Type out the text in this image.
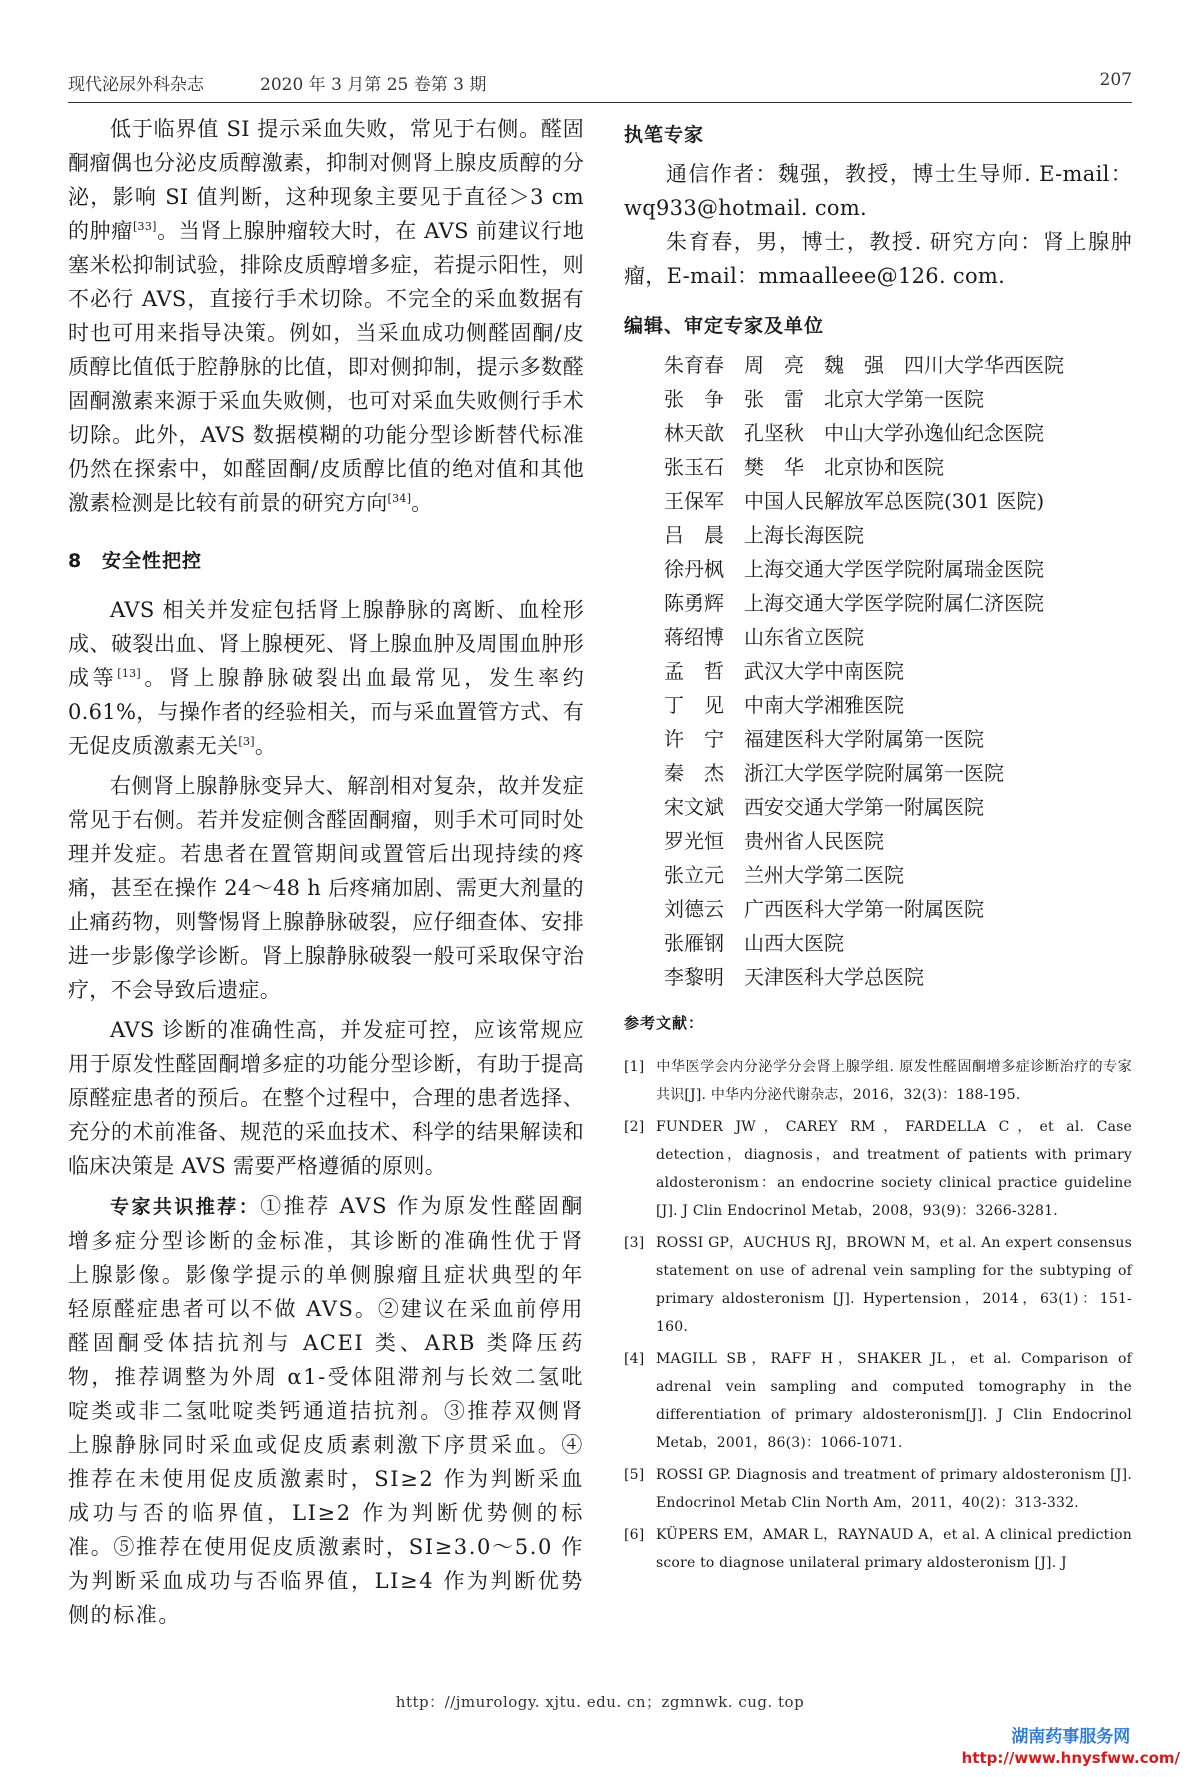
现代泌尿外科杂志	2020 年 3 月第 25 卷第 3 期	207

低于临界值 SI 提示采血失败，常见于右侧。醛固酮瘤偶也分泌皮质醇激素，抑制对侧肾上腺皮质醇的分泌，影响 SI 值判断，这种现象主要见于直径＞3 cm 的肿瘤[33]。当肾上腺肿瘤较大时，在 AVS 前建议行地塞米松抑制试验，排除皮质醇增多症，若提示阳性，则不必行 AVS，直接行手术切除。不完全的采血数据有时也可用来指导决策。例如，当采血成功侧醛固酮/皮质醇比值低于腔静脉的比值，即对侧抑制，提示多数醛固酮激素来源于采血失败侧，也可对采血失败侧行手术切除。此外，AVS 数据模糊的功能分型诊断替代标准仍然在探索中，如醛固酮/皮质醇比值的绝对值和其他激素检测是比较有前景的研究方向[34]。

8 安全性把控

AVS 相关并发症包括肾上腺静脉的离断、血栓形成、破裂出血、肾上腺梗死、肾上腺血肿及周围血肿形成等[13]。肾上腺静脉破裂出血最常见，发生率约 0.61%，与操作者的经验相关，而与采血置管方式、有无促皮质激素无关[3]。

右侧肾上腺静脉变异大、解剖相对复杂，故并发症常见于右侧。若并发症侧含醛固酮瘤，则手术可同时处理并发症。若患者在置管期间或置管后出现持续的疼痛，甚至在操作 24～48 h 后疼痛加剧、需更大剂量的止痛药物，则警惕肾上腺静脉破裂，应仔细查体、安排进一步影像学诊断。肾上腺静脉破裂一般可采取保守治疗，不会导致后遗症。

AVS 诊断的准确性高，并发症可控，应该常规应用于原发性醛固酮增多症的功能分型诊断，有助于提高原醛症患者的预后。在整个过程中，合理的患者选择、充分的术前准备、规范的采血技术、科学的结果解读和临床决策是 AVS 需要严格遵循的原则。

专家共识推荐：①推荐 AVS 作为原发性醛固酮增多症分型诊断的金标准，其诊断的准确性优于肾上腺影像。影像学提示的单侧腺瘤且症状典型的年轻原醛症患者可以不做 AVS。②建议在采血前停用醛固酮受体拮抗剂与 ACEI 类、ARB 类降压药物，推荐调整为外周 α1-受体阻滞剂与长效二氢吡啶类或非二氢吡啶类钙通道拮抗剂。③推荐双侧肾上腺静脉同时采血或促皮质素刺激下序贯采血。④推荐在未使用促皮质激素时，SI≥2 作为判断采血成功与否的临界值，LI≥2 作为判断优势侧的标准。⑤推荐在使用促皮质激素时，SI≥3.0～5.0 作为判断采血成功与否临界值，LI≥4 作为判断优势侧的标准。

执笔专家

通信作者：魏强，教授，博士生导师. E-mail：wq933@hotmail. com.

朱育春，男，博士，教授. 研究方向：肾上腺肿瘤，E-mail：mmaalleee@126. com.

编辑、审定专家及单位
朱育春	周　亮	魏　强	四川大学华西医院
张　争	张　雷	北京大学第一医院
林天歆	孔坚秋	中山大学孙逸仙纪念医院
张玉石	樊　华	北京协和医院
王保军	中国人民解放军总医院(301 医院)
吕　晨	上海长海医院
徐丹枫	上海交通大学医学院附属瑞金医院
陈勇辉	上海交通大学医学院附属仁济医院
蒋绍博	山东省立医院
孟　哲	武汉大学中南医院
丁　见	中南大学湘雅医院
许　宁	福建医科大学附属第一医院
秦　杰	浙江大学医学院附属第一医院
宋文斌	西安交通大学第一附属医院
罗光恒	贵州省人民医院
张立元	兰州大学第二医院
刘德云	广西医科大学第一附属医院
张雁钢	山西大医院
李黎明	天津医科大学总医院
参考文献：

[1] 中华医学会内分泌学分会肾上腺学组. 原发性醛固酮增多症诊断治疗的专家共识[J]. 中华内分泌代谢杂志，2016，32(3)：188-195.

[2] FUNDER JW，CAREY RM，FARDELLA C，et al. Case detection，diagnosis，and treatment of patients with primary aldosteronism：an endocrine society clinical practice guideline [J]. J Clin Endocrinol Metab，2008，93(9)：3266-3281.

[3] ROSSI GP，AUCHUS RJ，BROWN M，et al. An expert consensus statement on use of adrenal vein sampling for the subtyping of primary aldosteronism [J]. Hypertension，2014，63(1)：151-160.

[4] MAGILL SB，RAFF H，SHAKER JL，et al. Comparison of adrenal vein sampling and computed tomography in the differentiation of primary aldosteronism[J]. J Clin Endocrinol Metab，2001，86(3)：1066-1071.

[5] ROSSI GP. Diagnosis and treatment of primary aldosteronism [J]. Endocrinol Metab Clin North Am，2011，40(2)：313-332.

[6] KÜPERS EM，AMAR L，RAYNAUD A，et al. A clinical prediction score to diagnose unilateral primary aldosteronism [J]. J

http：//jmurology. xjtu. edu. cn；zgmnwk. cug. top
湖南药事服务网
http://www.hnysfww.com/
